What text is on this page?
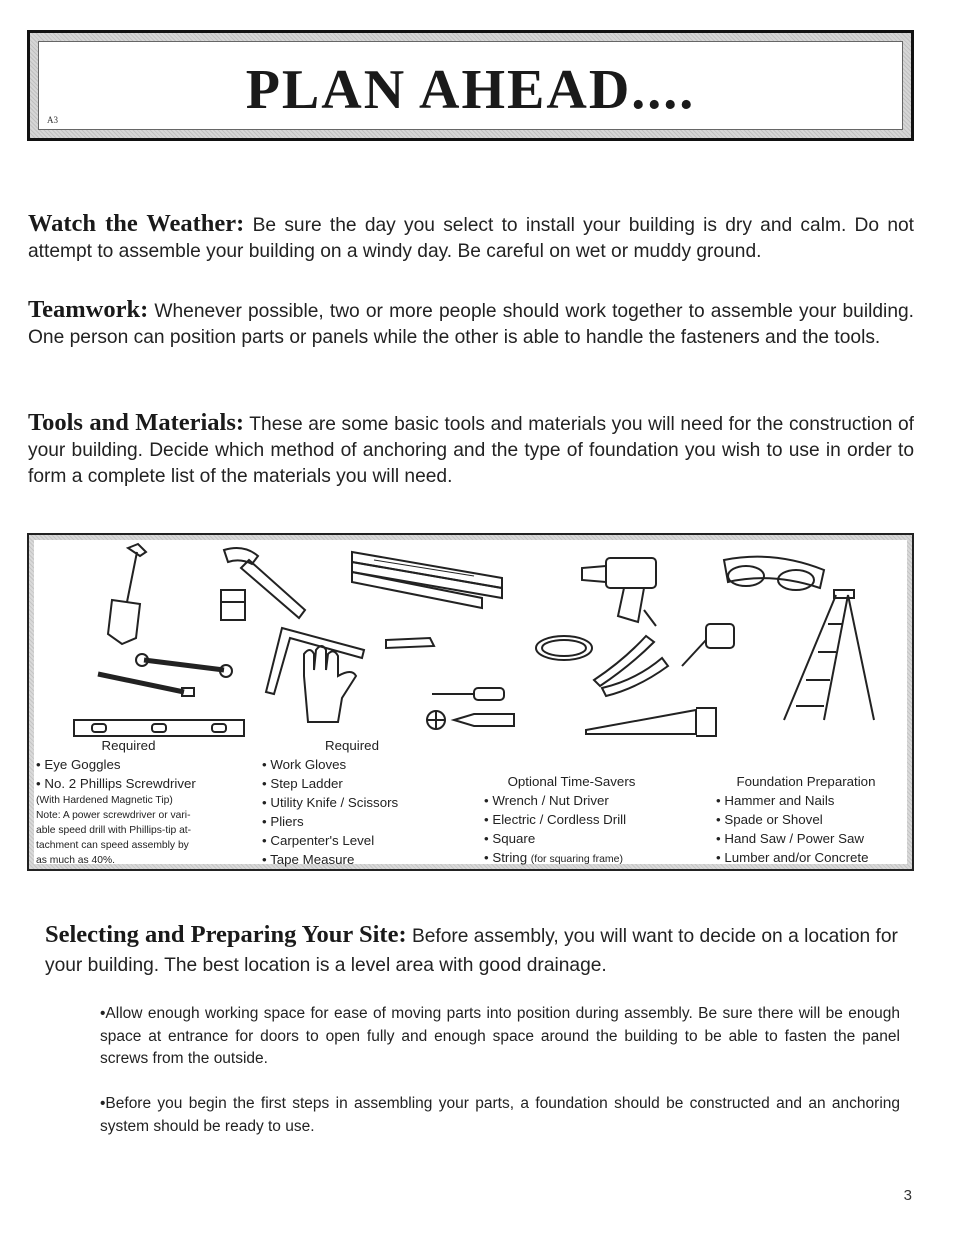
PLAN AHEAD....
A3

Watch the Weather: Be sure the day you select to install your building is dry and calm. Do not attempt to assemble your building on a windy day. Be careful on wet or muddy ground.

Teamwork: Whenever possible, two or more people should work together to assemble your building. One person can position parts or panels while the other is able to handle the fasteners and the tools.

Tools and Materials: These are some basic tools and materials you will need for the construction of your building. Decide which method of anchoring and the type of foundation you wish to use in order to form a complete list of the materials you will need.

Required
• Eye Goggles
• No. 2 Phillips Screwdriver
(With Hardened Magnetic Tip)
Note: A power screwdriver or vari-
able speed drill with Phillips-tip at-
tachment can speed assembly by
as much as 40%.
Required
• Work Gloves
• Step Ladder
• Utility Knife / Scissors
• Pliers
• Carpenter's Level
• Tape Measure
Optional Time-Savers
• Wrench / Nut Driver
• Electric / Cordless Drill
• Square
• String (for squaring frame)
Foundation Preparation
• Hammer and Nails
• Spade or Shovel
• Hand Saw / Power Saw
• Lumber and/or Concrete

Selecting and Preparing Your Site: Before assembly, you will want to decide on a location for your building. The best location is a level area with good drainage.

•Allow enough working space for ease of moving parts into position during assembly. Be sure there will be enough space at entrance for doors to open fully and enough space around the building to be able to fasten the panel screws from the outside.

•Before you begin the first steps in assembling your parts, a foundation should be constructed and an anchoring system should be ready to use.

3
